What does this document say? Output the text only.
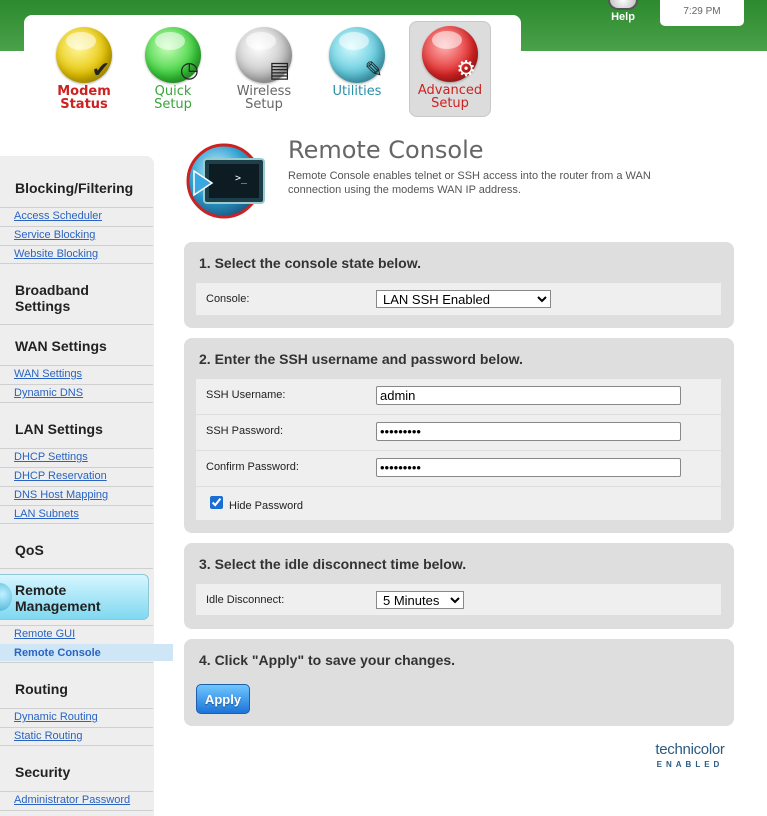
✔
Modem
Status
◷
Quick
Setup
▤
Wireless
Setup
✎
Utilities
⚙
Advanced
Setup
Help	7:29 PM
Blocking/Filtering
Access Scheduler
Service Blocking
Website Blocking
Broadband Settings
WAN Settings
WAN Settings
Dynamic DNS
LAN Settings
DHCP Settings
DHCP Reservation
DNS Host Mapping
LAN Subnets
QoS
Remote Management
Remote GUI
Remote Console
Routing
Dynamic Routing
Static Routing
Security
Administrator Password
>_
Remote Console
Remote Console enables telnet or SSH access into the router from a WAN connection using the modems WAN IP address.
1. Select the console state below.
Console:
LAN SSH Enabled
2. Enter the SSH username and password below.
SSH Username:
admin
SSH Password:
Confirm Password:
Hide Password
3. Select the idle disconnect time below.
Idle Disconnect:
5 Minutes
4. Click "Apply" to save your changes.
Apply
technicolor
ENABLED
